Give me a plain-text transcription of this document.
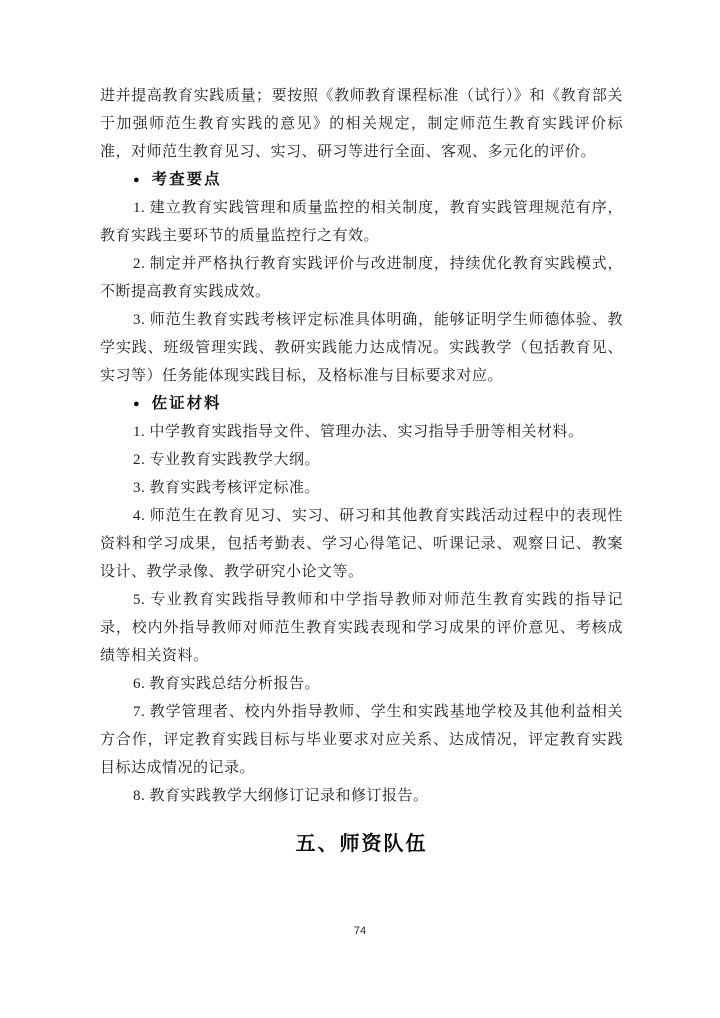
进并提高教育实践质量；要按照《教师教育课程标准（试行）》和《教育部关于加强师范生教育实践的意见》的相关规定，制定师范生教育实践评价标准，对师范生教育见习、实习、研习等进行全面、客观、多元化的评价。

● 考查要点

1. 建立教育实践管理和质量监控的相关制度，教育实践管理规范有序，教育实践主要环节的质量监控行之有效。

2. 制定并严格执行教育实践评价与改进制度，持续优化教育实践模式，不断提高教育实践成效。

3. 师范生教育实践考核评定标准具体明确，能够证明学生师德体验、教学实践、班级管理实践、教研实践能力达成情况。实践教学（包括教育见、实习等）任务能体现实践目标，及格标准与目标要求对应。

● 佐证材料

1. 中学教育实践指导文件、管理办法、实习指导手册等相关材料。

2. 专业教育实践教学大纲。

3. 教育实践考核评定标准。

4. 师范生在教育见习、实习、研习和其他教育实践活动过程中的表现性资料和学习成果，包括考勤表、学习心得笔记、听课记录、观察日记、教案设计、教学录像、教学研究小论文等。

5. 专业教育实践指导教师和中学指导教师对师范生教育实践的指导记录，校内外指导教师对师范生教育实践表现和学习成果的评价意见、考核成绩等相关资料。

6. 教育实践总结分析报告。

7. 教学管理者、校内外指导教师、学生和实践基地学校及其他利益相关方合作，评定教育实践目标与毕业要求对应关系、达成情况，评定教育实践目标达成情况的记录。

8. 教育实践教学大纲修订记录和修订报告。

五、师资队伍
74
